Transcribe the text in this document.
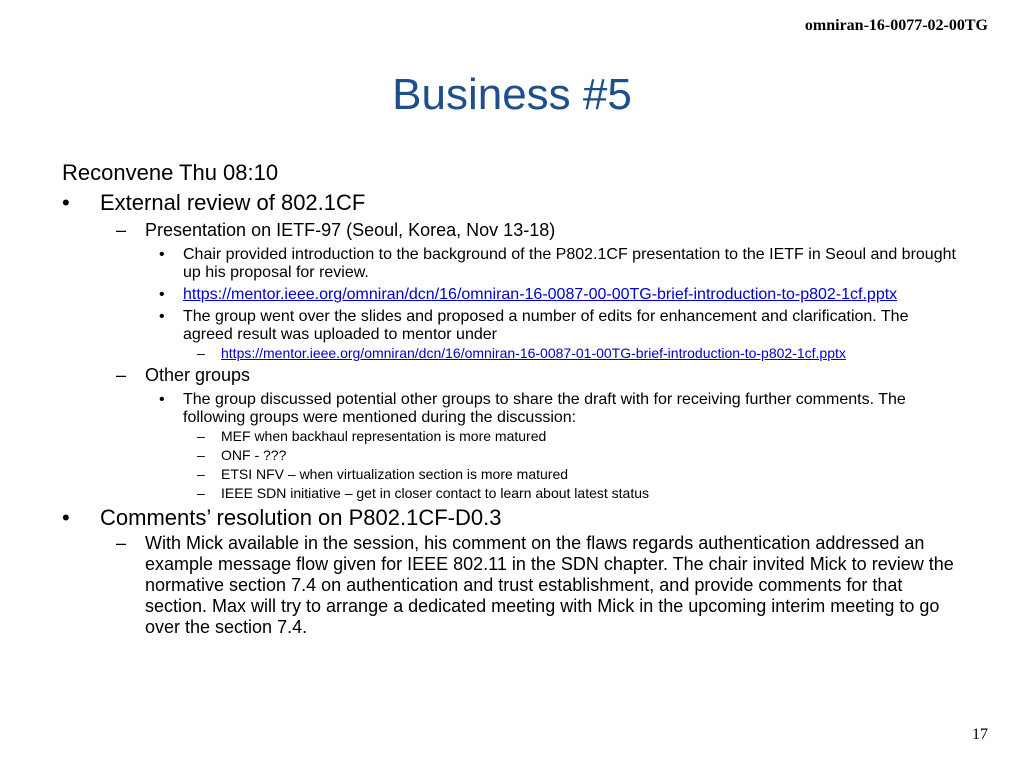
omniran-16-0077-02-00TG
Business #5
Reconvene Thu 08:10
• External review of 802.1CF
– Presentation on IETF-97 (Seoul, Korea, Nov 13-18)
• Chair provided introduction to the background of the P802.1CF presentation to the IETF in Seoul and brought up his proposal for review.
• https://mentor.ieee.org/omniran/dcn/16/omniran-16-0087-00-00TG-brief-introduction-to-p802-1cf.pptx
• The group went over the slides and proposed a number of edits for enhancement and clarification. The agreed result was uploaded to mentor under
– https://mentor.ieee.org/omniran/dcn/16/omniran-16-0087-01-00TG-brief-introduction-to-p802-1cf.pptx
– Other groups
• The group discussed potential other groups to share the draft with for receiving further comments. The following groups were mentioned during the discussion:
– MEF when backhaul representation is more matured
– ONF - ???
– ETSI NFV – when virtualization section is more matured
– IEEE SDN initiative – get in closer contact to learn about latest status
• Comments’ resolution on P802.1CF-D0.3
– With Mick available in the session, his comment on the flaws regards authentication addressed an example message flow given for IEEE 802.11 in the SDN chapter. The chair invited Mick to review the normative section 7.4 on authentication and trust establishment, and provide comments for that section. Max will try to arrange a dedicated meeting with Mick in the upcoming interim meeting to go over the section 7.4.
17
